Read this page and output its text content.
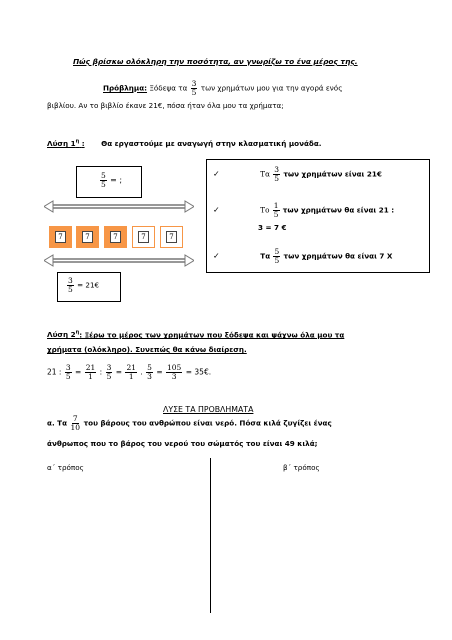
Πώς βρίσκω ολόκληρη την ποσότητα, αν γνωρίζω το ένα μέρος της.
Πρόβλημα: Ξόδεψα τα $\frac{3}{5}$ των χρημάτων μου για την αγορά ενός
βιβλίου. Αν το βιβλίο έκανε 21€, πόσα ήταν όλα μου τα χρήματα;
Λύση $1^\eta$ : Θα εργαστούμε με αναγωγή στην κλασματική μονάδα.
$\frac{5}{5}$ = ;
7	7	7	7	7
$\frac{3}{5}$ = 21€
✓	Τα $\frac{3}{5}$ των χρημάτων είναι 21€
✓	Το $\frac{1}{5}$ των χρημάτων θα είναι 21 :
3 = 7 €
✓	Τα $\frac{5}{5}$ των χρημάτων θα είναι 7 Χ
Λύση $2^\eta$: Ξέρω το μέρος των χρημάτων που ξόδεψα και ψάχνω όλα μου τα
χρήματα (ολόκληρο). Συνεπώς θα κάνω διαίρεση.
21 : $\frac{3}{5} = \frac{21}{1}$ : $\frac{3}{5} = \frac{21}{1}$ . $\frac{5}{3} = \frac{105}{3}$ = 35€.
ΛΥΣΕ ΤΑ ΠΡΟΒΛΗΜΑΤΑ
α. Τα $\frac{7}{10}$ του βάρους του ανθρώπου είναι νερό. Πόσα κιλά ζυγίζει ένας
άνθρωπος που το βάρος του νερού του σώματός του είναι 49 κιλά;
α΄ τρόπος	β΄ τρόπος
